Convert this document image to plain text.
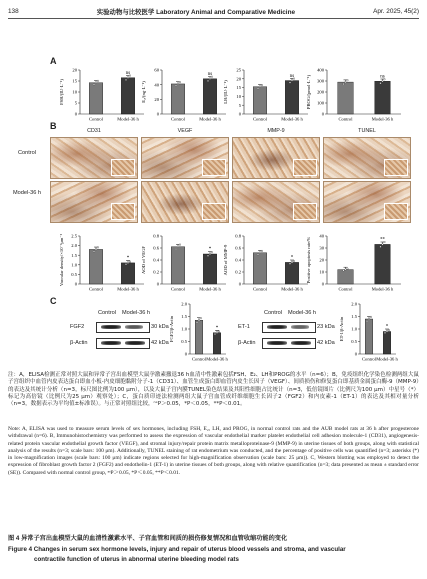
138	实验动物与比较医学 Laboratory Animal and Comparative Medicine	Apr. 2025, 45(2)
A
B
C
0
5
10
15
20
FSH/(IU·L⁻¹)
Control
ns
Model-36 h
0
20
40
60
E₂/(ng·L⁻¹)
Control
ns
Model-36 h
0
5
10
15
20
25
LH/(IU·L⁻¹)
Control
ns
Model-36 h
0
100
200
300
400
PROG/(pmol·L⁻¹)
Control
ns
Model-36 h
CD31	VEGF	MMP-9	TUNEL
Control
Model-36 h
0
0.5
1.0
1.5
2.0
2.5
Vascular density/×10⁻³μm⁻²
Control
*
Model-36 h
0
0.2
0.4
0.6
0.8
AOD of VEGF
Control
*
Model-36 h
0
0.2
0.4
0.6
0.8
AOD of MMP-9
Control
*
Model-36 h
0
10
20
30
40
Positive apoptosis rate/%
Control
**
Model-36 h
Control Model-36 h
FGF2	30 kDa
β-Actin	42 kDa
0
0.5
1.0
1.5
2.0
FGF2/β-Actin
Control
*
Model-36 h
Control Model-36 h
ET-1	23 kDa
β-Actin	42 kDa
0
0.5
1.0
1.5
2.0
ET-1/β-Actin
Control
*
Model-36 h
注：A，ELISA检测正常对照大鼠和异常子宫出血模型大鼠孕激素撤退36 h血清中性激素包括FSH、E₂、LH和PROG的水平（n=6）；B，免疫组织化学染色检测两组大鼠子宫组织中血管内皮表达蛋白即血小板-内皮细胞黏附分子-1（CD31）、血管生成蛋白即血管内皮生长因子（VEGF）、间质损伤和修复蛋白即基质金属蛋白酶-9（MMP-9）的表达及其统计分析（n=3，标尺图比例为100 μm），以及大鼠子宫内膜TUNEL染色结果及其阳性细胞占比统计（n=3，低倍镜图片（比例尺为100 μm）中星号（*）标记为高倍镜（比例尺为25 μm）观察处）；C，蛋白质印迹法检测两组大鼠子宫血管成纤维细胞生长因子2（FGF2）和内皮素-1（ET-1）的表达及其相对量分析（n=3，数据表示为平均值±标准误）。与正常对照组比较，ⁿˢP＞0.05，*P＜0.05，**P＜0.01。
Note: A, ELISA was used to measure serum levels of sex hormones, including FSH, E₂, LH, and PROG, in normal control rats and the AUB model rats at 36 h after progesterone withdrawal (n=6). B, Immunohistochemistry was performed to assess the expression of vascular endothelial marker platelet endothelial cell adhesion molecule-1 (CD31), angiogenesis-related protein vascular endothelial growth factor (VEGF), and stromal injury/repair protein matrix metalloproteinase-9 (MMP-9) in uterine tissues of both groups, along with statistical analysis of the results (n=3; scale bars: 100 μm). Additionally, TUNEL staining of rat endometrium was conducted, and the percentage of positive cells was quantified (n=3; asterisks (*) in low-magnification images (scale bars: 100 μm) indicate regions selected for high-magnification observation (scale bars: 25 μm)). C, Western blotting was employed to detect the expression of fibroblast growth factor 2 (FGF2) and endothelin-1 (ET-1) in uterine tissues of both groups, along with relative quantification (n=3; data presented as mean ± standard error (SE)). Compared with normal control group, ⁿˢP＞0.05, *P＜0.05, **P＜0.01.
图 4 异常子宫出血模型大鼠的血清性激素水平、子宫血管和间质的损伤修复情况和血管收缩功能的变化
Figure 4 Changes in serum sex hormone levels, injury and repair of uterus blood vessels and stroma, and vascular
contractile function of uterus in abnormal uterine bleeding model rats
